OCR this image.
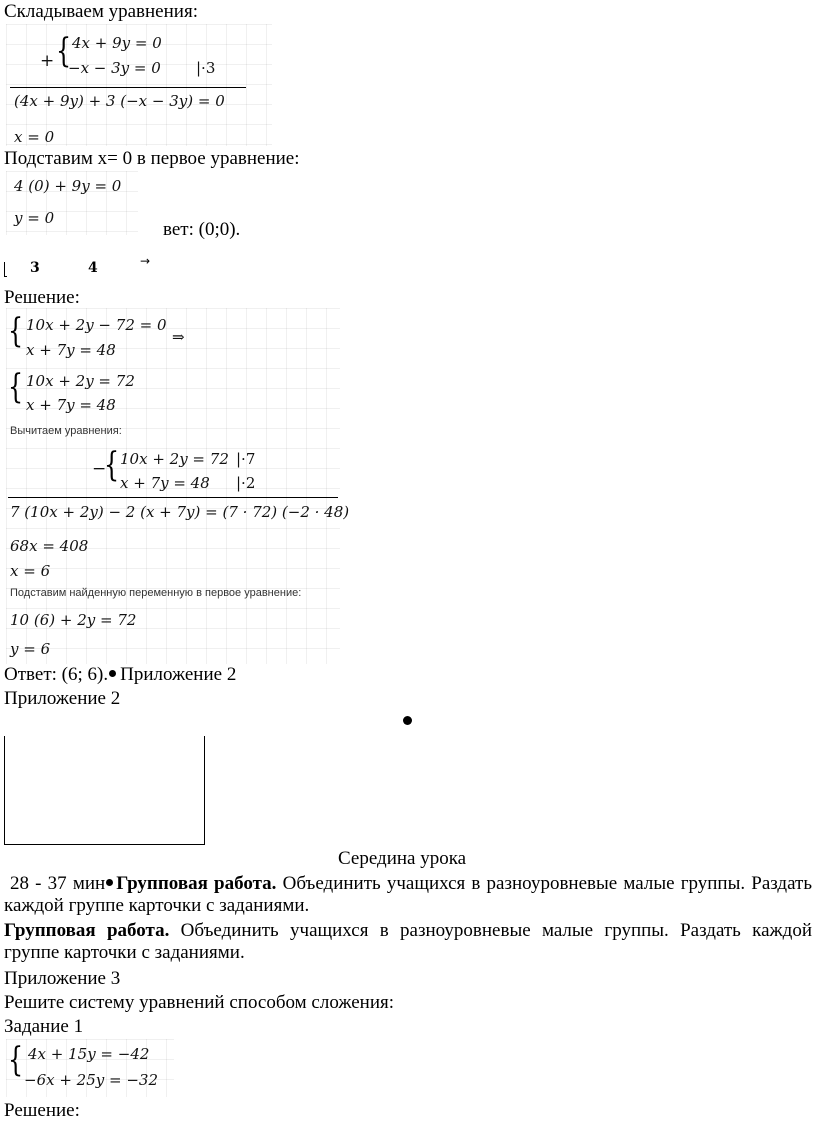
Складываем уравнения:
+ { 4x + 9y = 0
−x − 3y = 0 |·3
(4x + 9y) + 3 (−x − 3y) = 0
x = 0
Подставим x= 0 в первое уравнение:
4 (0) + 9y = 0
y = 0
вет: (0;0).
3	4	→
Решение:
{ 10x + 2y − 72 = 0
x + 7y = 48
⇒
{ 10x + 2y = 72
x + 7y = 48
Вычитаем уравнения:
−
{ 10x + 2y = 72 |·7
x + 7y = 48 |·2
7 (10x + 2y) − 2 (x + 7y) = (7 · 72) (−2 · 48)
68x = 408
x = 6
Подставим найденную переменную в первое уравнение:
10 (6) + 2y = 72
y = 6
Ответ: (6; 6). Приложение 2
Приложение 2
Середина урока
28 - 37 мин Групповая работа. Объединить учащихся в разноуровневые малые группы. Раздать каждой группе карточки с заданиями.
Групповая работа. Объединить учащихся в разноуровневые малые группы. Раздать каждой группе карточки с заданиями.
Приложение 3
Решите систему уравнений способом сложения:
Задание 1
{ 4x + 15y = −42
−6x + 25y = −32
Решение:
